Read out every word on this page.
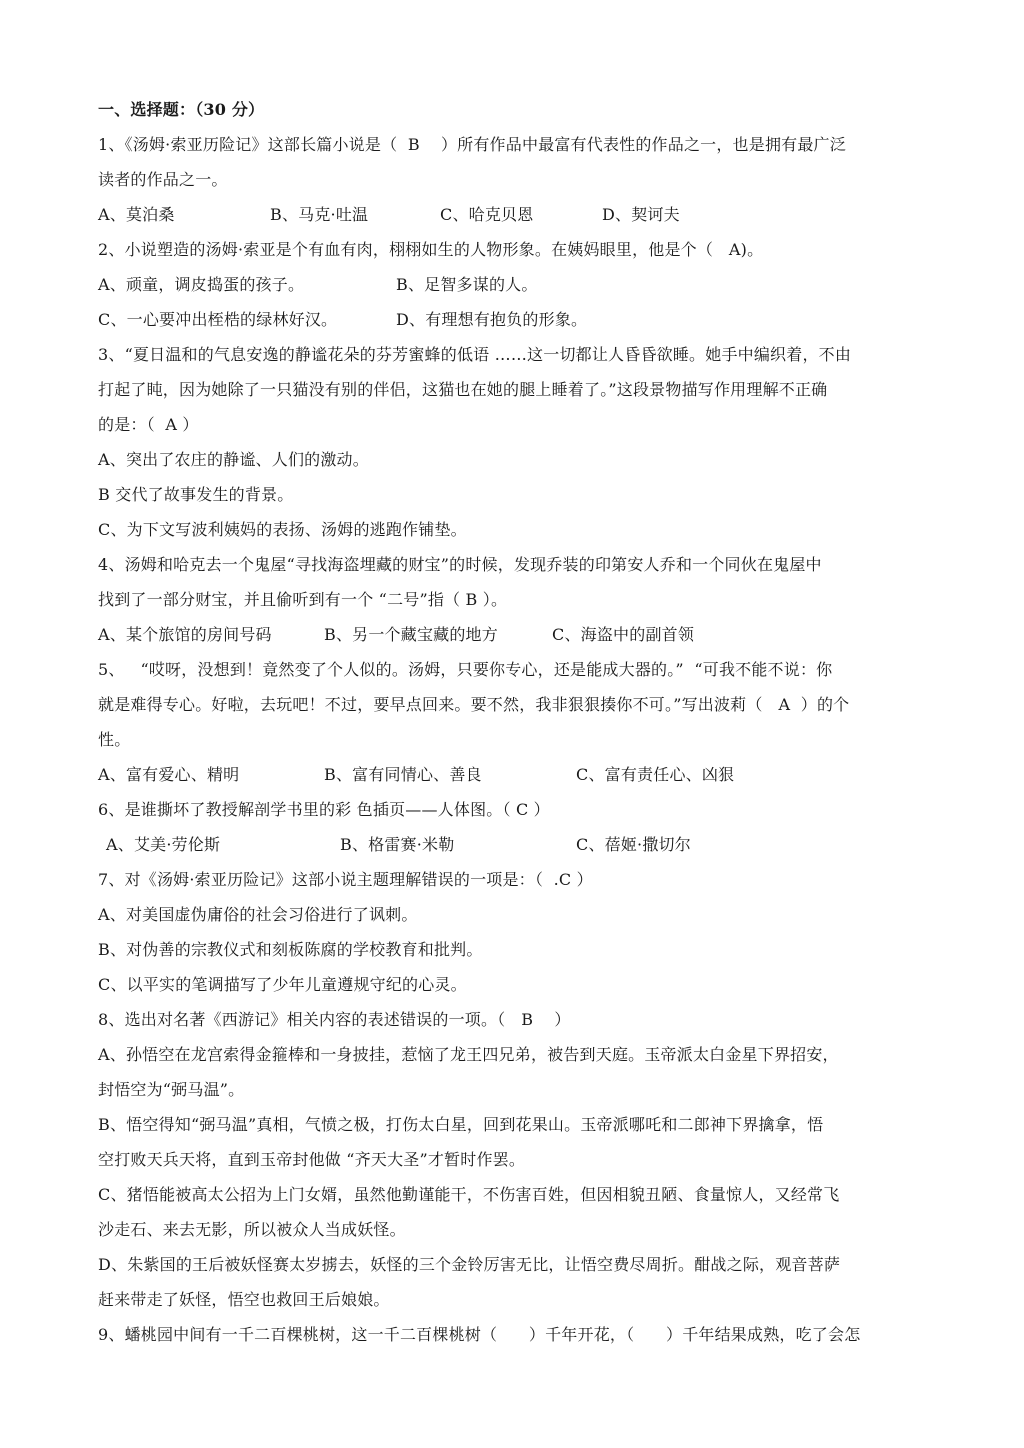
一、选择题：（30 分）
1、《汤姆·索亚历险记》这部长篇小说是（  B    ）所有作品中最富有代表性的作品之一，也是拥有最广泛
读者的作品之一。
A、莫泊桑	B、马克·吐温	C、哈克贝恩	D、契诃夫
2、小说塑造的汤姆·索亚是个有血有肉，栩栩如生的人物形象。在姨妈眼里，他是个（   A)。
A、顽童，调皮捣蛋的孩子。	B、足智多谋的人。
C、一心要冲出桎梏的绿林好汉。	D、有理想有抱负的形象。
3、“夏日温和的气息安逸的静谧花朵的芬芳蜜蜂的低语 ……这一切都让人昏昏欲睡。她手中编织着，不由
打起了盹，因为她除了一只猫没有别的伴侣，这猫也在她的腿上睡着了。”这段景物描写作用理解不正确
的是：（  A ）
A、突出了农庄的静谧、人们的激动。
B 交代了故事发生的背景。
C、为下文写波利姨妈的表扬、汤姆的逃跑作铺垫。
4、汤姆和哈克去一个鬼屋“寻找海盗埋藏的财宝”的时候，发现乔装的印第安人乔和一个同伙在鬼屋中
找到了一部分财宝，并且偷听到有一个 “二号”指（ B ）。
A、某个旅馆的房间号码	B、另一个藏宝藏的地方	C、海盗中的副首领
5、   “哎呀，没想到！竟然变了个人似的。汤姆，只要你专心，还是能成大器的。”  “可我不能不说：你
就是难得专心。好啦，去玩吧！不过，要早点回来。要不然，我非狠狠揍你不可。”写出波莉（   A  ）的个
性。
A、富有爱心、精明	B、富有同情心、善良	C、富有责任心、凶狠
6、是谁撕坏了教授解剖学书里的彩 色插页——人体图。（ C ）
A、艾美·劳伦斯	B、格雷赛·米勒	C、蓓姬·撒切尔
7、对《汤姆·索亚历险记》这部小说主题理解错误的一项是：（  .C ）
A、对美国虚伪庸俗的社会习俗进行了讽刺。
B、对伪善的宗教仪式和刻板陈腐的学校教育和批判。
C、以平实的笔调描写了少年儿童遵规守纪的心灵。
8、选出对名著《西游记》相关内容的表述错误的一项。（   B    ）
A、孙悟空在龙宫索得金箍棒和一身披挂，惹恼了龙王四兄弟，被告到天庭。玉帝派太白金星下界招安，
封悟空为“弼马温”。
B、悟空得知“弼马温”真相，气愤之极，打伤太白星，回到花果山。玉帝派哪吒和二郎神下界擒拿，悟
空打败天兵天将，直到玉帝封他做 “齐天大圣”才暂时作罢。
C、猪悟能被高太公招为上门女婿，虽然他勤谨能干，不伤害百姓，但因相貌丑陋、食量惊人，又经常飞
沙走石、来去无影，所以被众人当成妖怪。
D、朱紫国的王后被妖怪赛太岁掳去，妖怪的三个金铃厉害无比，让悟空费尽周折。酣战之际，观音菩萨
赶来带走了妖怪，悟空也救回王后娘娘。
9、蟠桃园中间有一千二百棵桃树，这一千二百棵桃树（      ）千年开花，（      ）千年结果成熟，吃了会怎
